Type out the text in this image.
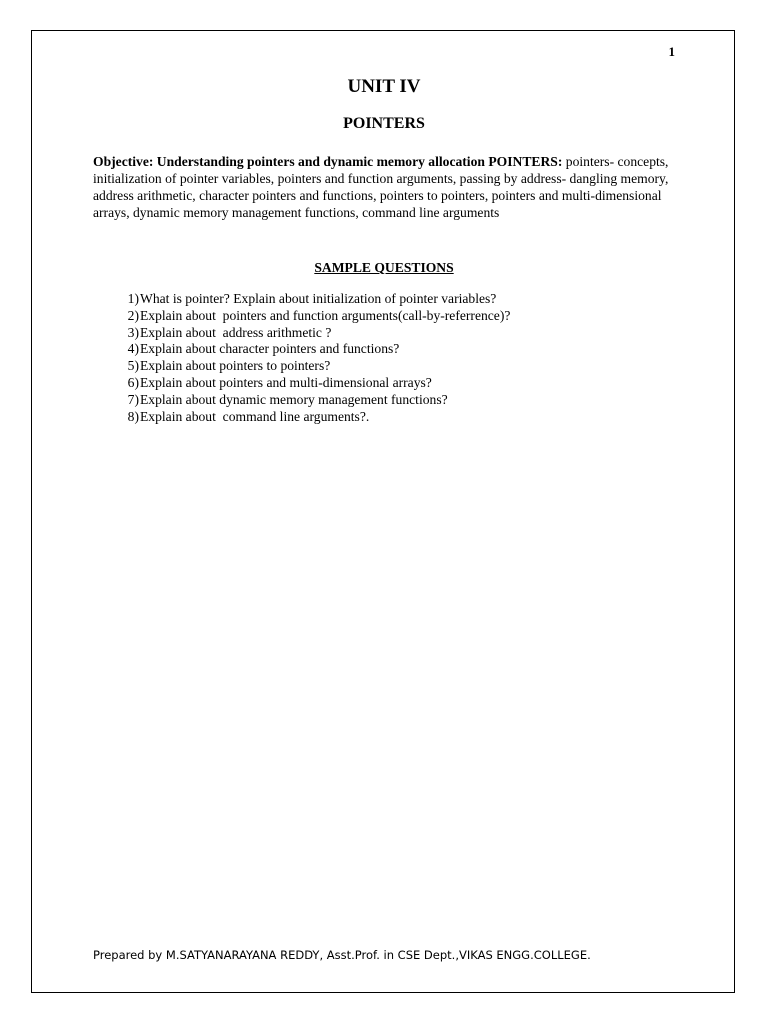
1
UNIT IV
POINTERS
Objective: Understanding pointers and dynamic memory allocation POINTERS: pointers- concepts, initialization of pointer variables, pointers and function arguments, passing by address- dangling memory, address arithmetic, character pointers and functions, pointers to pointers, pointers and multi-dimensional arrays, dynamic memory management functions, command line arguments
SAMPLE QUESTIONS
1) What is pointer? Explain about initialization of pointer variables?
2) Explain about  pointers and function arguments(call-by-referrence)?
3) Explain about  address arithmetic ?
4) Explain about character pointers and functions?
5) Explain about pointers to pointers?
6) Explain about pointers and multi-dimensional arrays?
7) Explain about dynamic memory management functions?
8) Explain about  command line arguments?.
Prepared by M.SATYANARAYANA REDDY, Asst.Prof. in CSE Dept.,VIKAS ENGG.COLLEGE.
